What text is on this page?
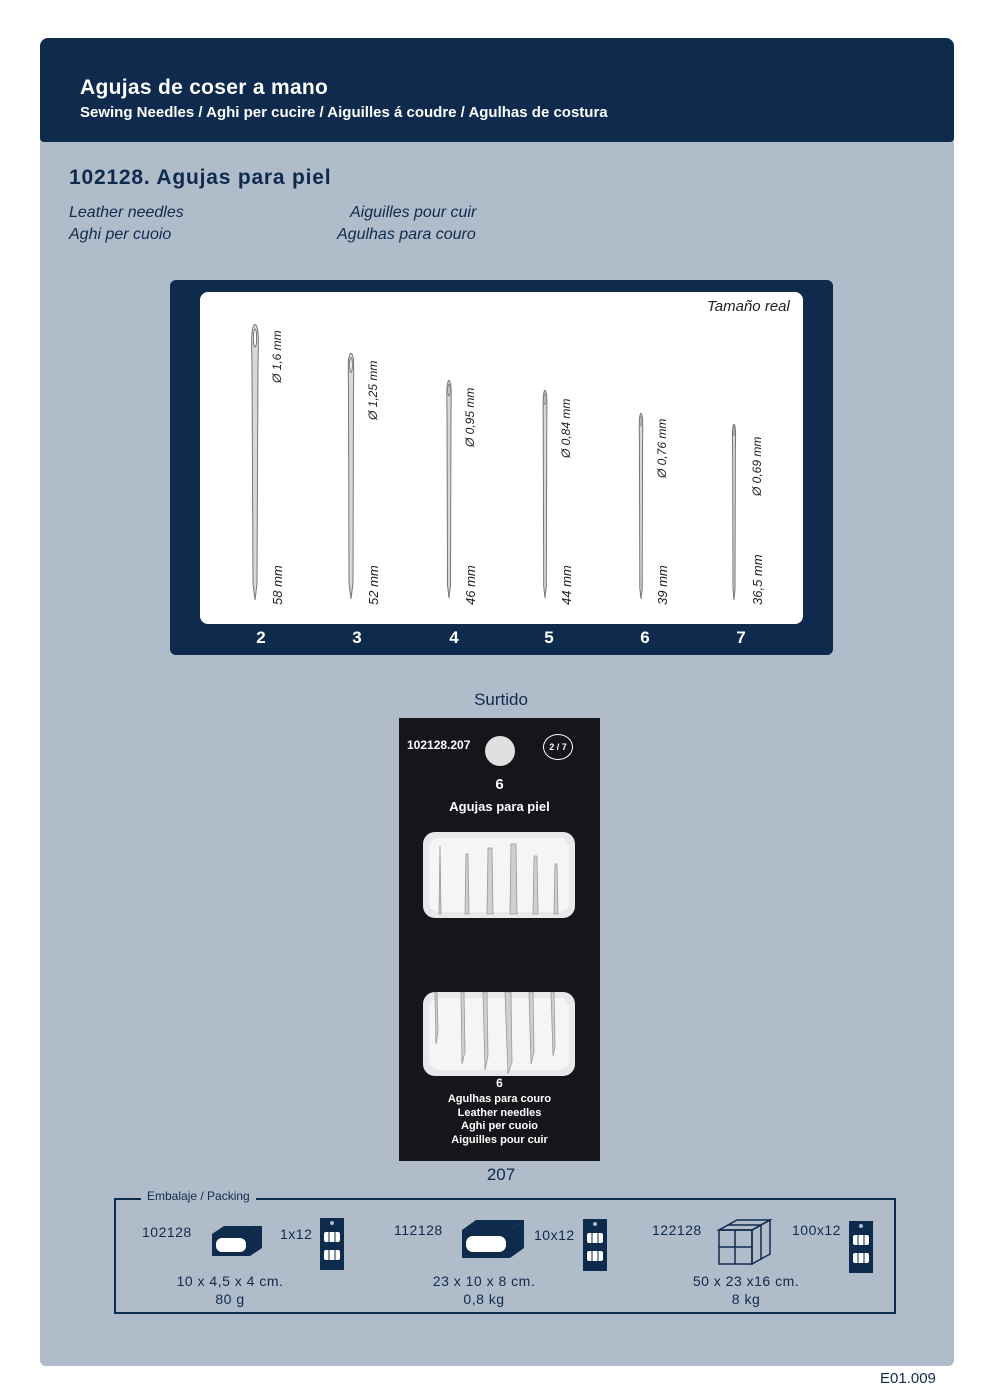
Agujas de coser a mano
Sewing Needles / Aghi per cucire / Aiguilles á coudre / Agulhas de costura
102128. Agujas para piel
Leather needles
Aghi per cuoio
Aiguilles pour cuir
Agulhas para couro
Tamaño real
Ø 1,6 mm
58 mm
Ø 1,25 mm
52 mm
Ø 0,95 mm
46 mm
Ø 0,84 mm
44 mm
Ø 0,76 mm
39 mm
Ø 0,69 mm
36,5 mm
2	3	4	5	6	7
Surtido
102128.207	2 / 7
6
Agujas para piel
6
Agulhas para couro
Leather needles
Aghi per cuoio
Aiguilles pour cuir
207
Embalaje / Packing
102128	1x12
10 x 4,5 x 4 cm.
80 g
112128	10x12
23 x 10 x 8 cm.
0,8 kg
122128	100x12
50 x 23 x16 cm.
8 kg
E01.009
